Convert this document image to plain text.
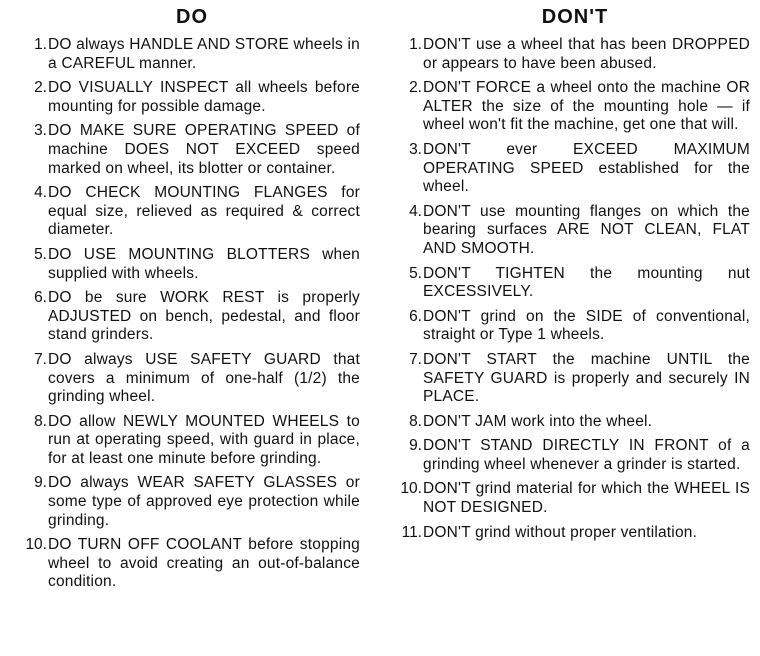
DO
1. DO always HANDLE AND STORE wheels in a CAREFUL manner.
2. DO VISUALLY INSPECT all wheels before mounting for possible damage.
3. DO MAKE SURE OPERATING SPEED of machine DOES NOT EXCEED speed marked on wheel, its blotter or container.
4. DO CHECK MOUNTING FLANGES for equal size, relieved as required & correct diameter.
5. DO USE MOUNTING BLOTTERS when supplied with wheels.
6. DO be sure WORK REST is properly ADJUSTED on bench, pedestal, and floor stand grinders.
7. DO always USE SAFETY GUARD that covers a minimum of one-half (1/2) the grinding wheel.
8. DO allow NEWLY MOUNTED WHEELS to run at operating speed, with guard in place, for at least one minute before grinding.
9. DO always WEAR SAFETY GLASSES or some type of approved eye protection while grinding.
10. DO TURN OFF COOLANT before stopping wheel to avoid creating an out-of-balance condition.
DON'T
1. DON'T use a wheel that has been DROPPED or appears to have been abused.
2. DON'T FORCE a wheel onto the machine OR ALTER the size of the mounting hole — if wheel won't fit the machine, get one that will.
3. DON'T ever EXCEED MAXIMUM OPERATING SPEED established for the wheel.
4. DON'T use mounting flanges on which the bearing surfaces ARE NOT CLEAN, FLAT AND SMOOTH.
5. DON'T TIGHTEN the mounting nut EXCESSIVELY.
6. DON'T grind on the SIDE of conventional, straight or Type 1 wheels.
7. DON'T START the machine UNTIL the SAFETY GUARD is properly and securely IN PLACE.
8. DON'T JAM work into the wheel.
9. DON'T STAND DIRECTLY IN FRONT of a grinding wheel whenever a grinder is started.
10. DON'T grind material for which the WHEEL IS NOT DESIGNED.
11. DON'T grind without proper ventilation.
